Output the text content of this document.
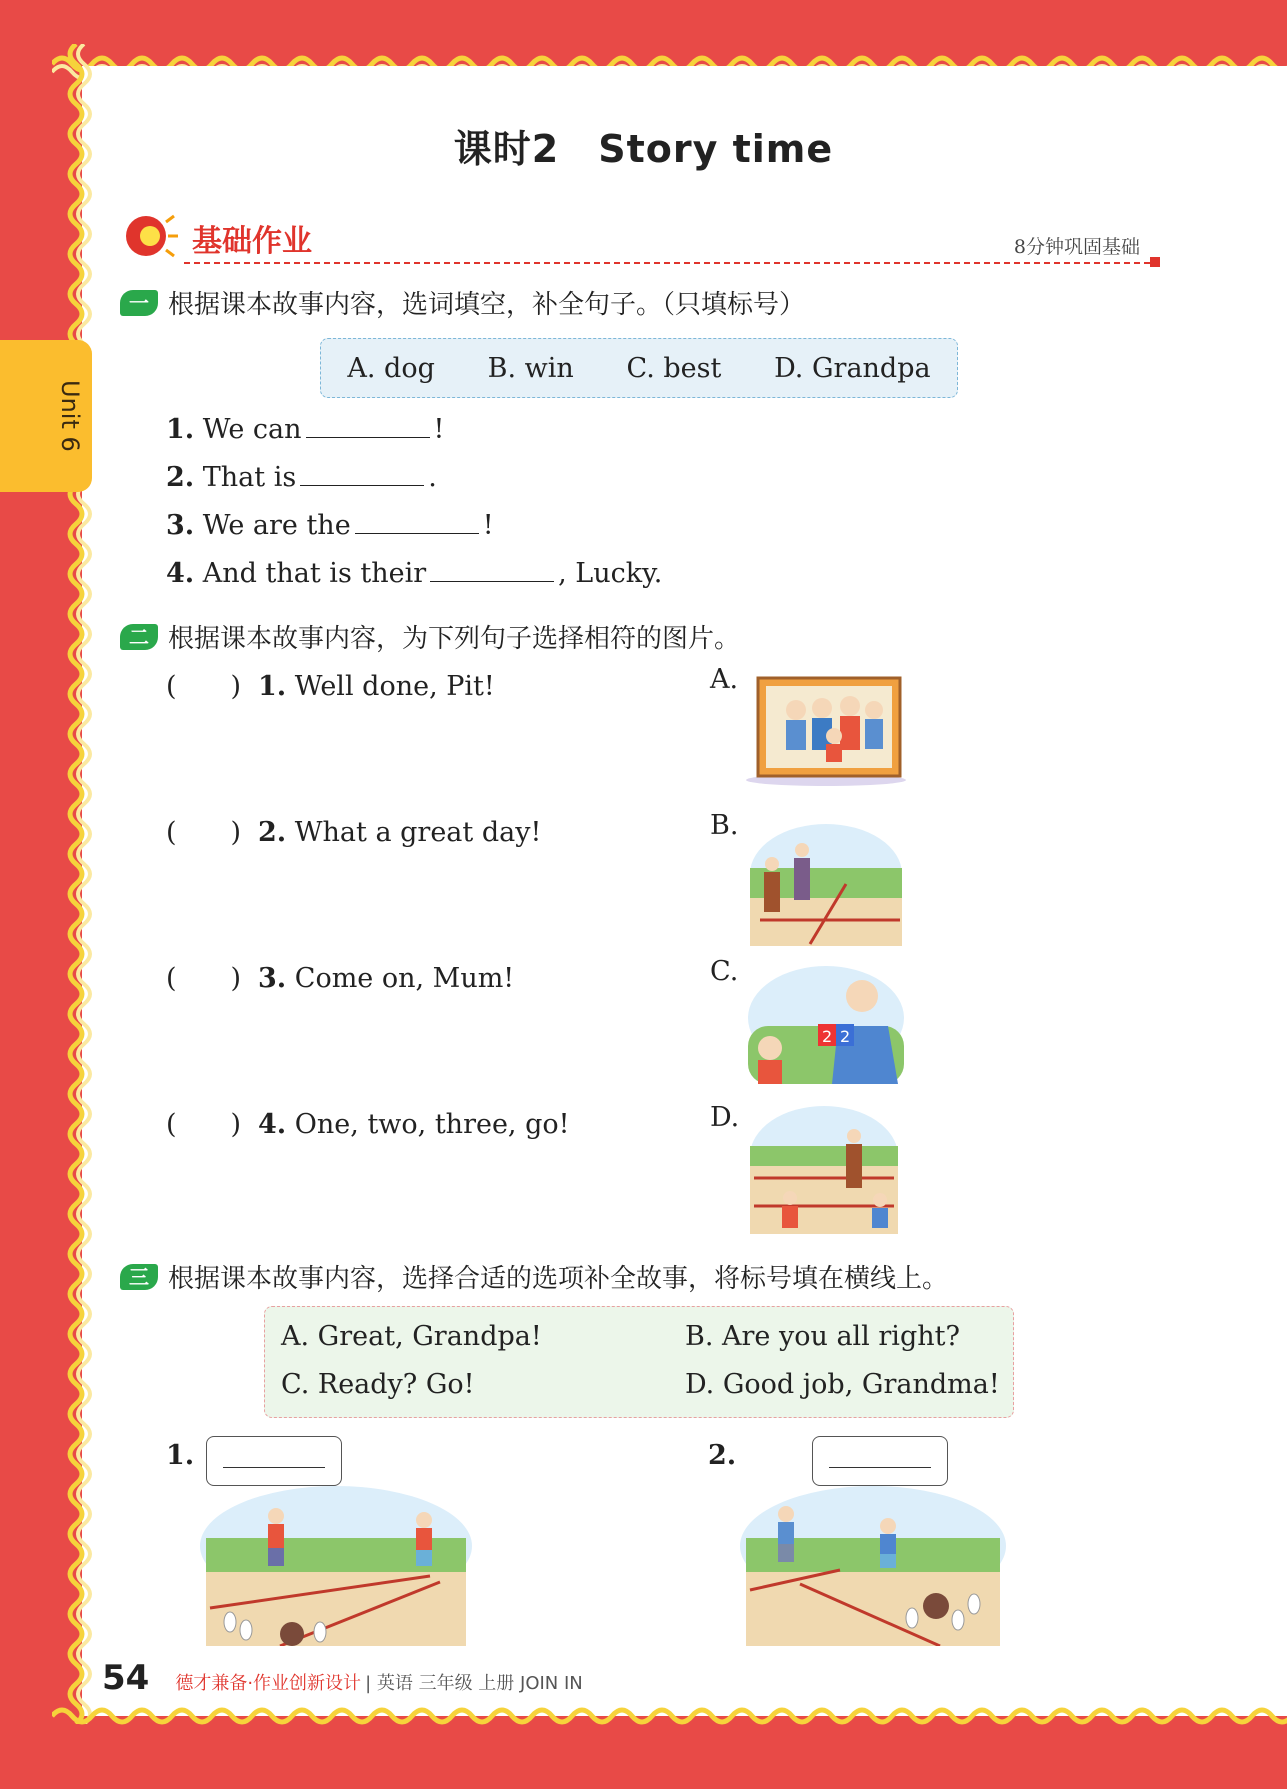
Unit 6
课时2　Story time
基础作业	8分钟巩固基础
一 根据课本故事内容，选词填空，补全句子。（只填标号）
A. dog B. win C. best D. Grandpa
1. We can	!
2. That is	.
3. We are the	!
4. And that is their	, Lucky.
二 根据课本故事内容，为下列句子选择相符的图片。
(　　) 1. Well done, Pit!	A.
(　　) 2. What a great day!	B.
(　　) 3. Come on, Mum!	C.
2 2
(　　) 4. One, two, three, go!	D.
三 根据课本故事内容，选择合适的选项补全故事，将标号填在横线上。
A. Great, Grandpa!	B. Are you all right?
C. Ready? Go!	D. Good job, Grandma!
1.	2.
54 德才兼备·作业创新设计 | 英语 三年级 上册 JOIN IN
